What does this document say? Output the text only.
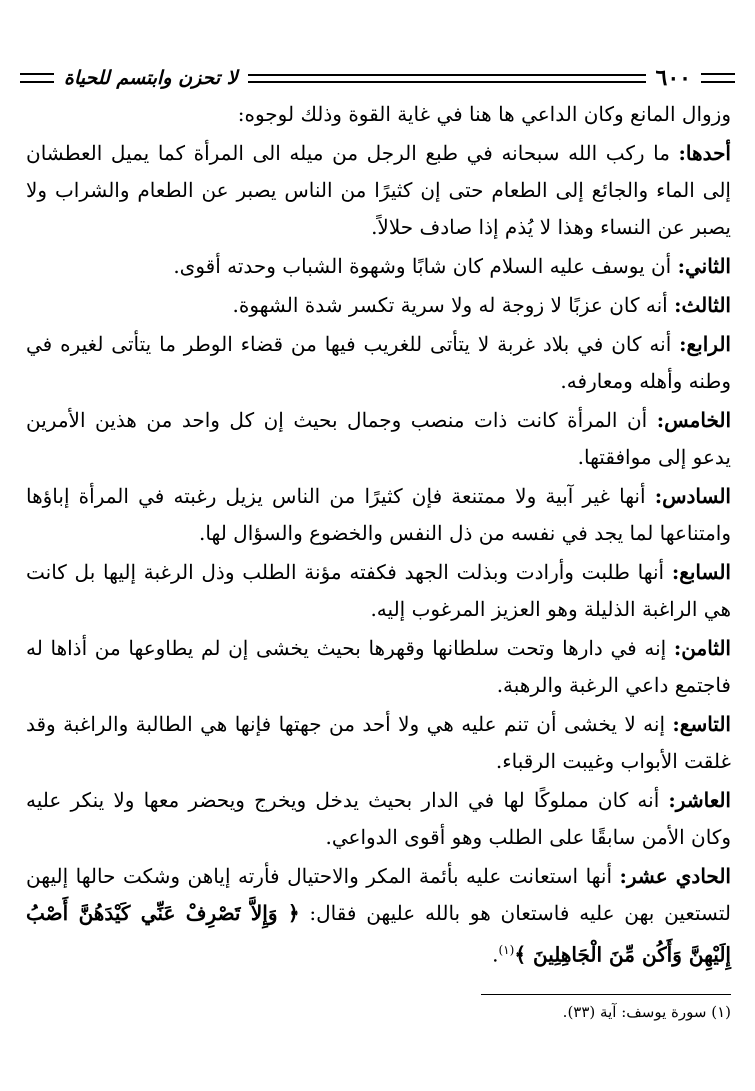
٦٠٠
لا تحزن وابتسم للحياة

وزوال المانع وكان الداعي ها هنا في غاية القوة وذلك لوجوه:

أحدها: ما ركب الله سبحانه في طبع الرجل من ميله الى المرأة كما يميل العطشان إلى الماء والجائع إلى الطعام حتى إن كثيرًا من الناس يصبر عن الطعام والشراب ولا يصبر عن النساء وهذا لا يُذم إذا صادف حلالاً.

الثاني: أن يوسف عليه السلام كان شابًا وشهوة الشباب وحدته أقوى.

الثالث: أنه كان عزبًا لا زوجة له ولا سرية تكسر شدة الشهوة.

الرابع: أنه كان في بلاد غربة لا يتأتى للغريب فيها من قضاء الوطر ما يتأتى لغيره في وطنه وأهله ومعارفه.

الخامس: أن المرأة كانت ذات منصب وجمال بحيث إن كل واحد من هذين الأمرين يدعو إلى موافقتها.

السادس: أنها غير آبية ولا ممتنعة فإن كثيرًا من الناس يزيل رغبته في المرأة إباؤها وامتناعها لما يجد في نفسه من ذل النفس والخضوع والسؤال لها.

السابع: أنها طلبت وأرادت وبذلت الجهد فكفته مؤنة الطلب وذل الرغبة إليها بل كانت هي الراغبة الذليلة وهو العزيز المرغوب إليه.

الثامن: إنه في دارها وتحت سلطانها وقهرها بحيث يخشى إن لم يطاوعها من أذاها له فاجتمع داعي الرغبة والرهبة.

التاسع: إنه لا يخشى أن تنم عليه هي ولا أحد من جهتها فإنها هي الطالبة والراغبة وقد غلقت الأبواب وغيبت الرقباء.

العاشر: أنه كان مملوكًا لها في الدار بحيث يدخل ويخرج ويحضر معها ولا ينكر عليه وكان الأمن سابقًا على الطلب وهو أقوى الدواعي.

الحادي عشر: أنها استعانت عليه بأئمة المكر والاحتيال فأرته إياهن وشكت حالها إليهن لتستعين بهن عليه فاستعان هو بالله عليهن فقال: ﴿ وَإِلاَّ تَصْرِفْ عَنِّي كَيْدَهُنَّ أَصْبُ إِلَيْهِنَّ وَأَكُن مِّنَ الْجَاهِلِينَ ﴾$^{(١)}$.

(١) سورة يوسف: آية (٣٣).
